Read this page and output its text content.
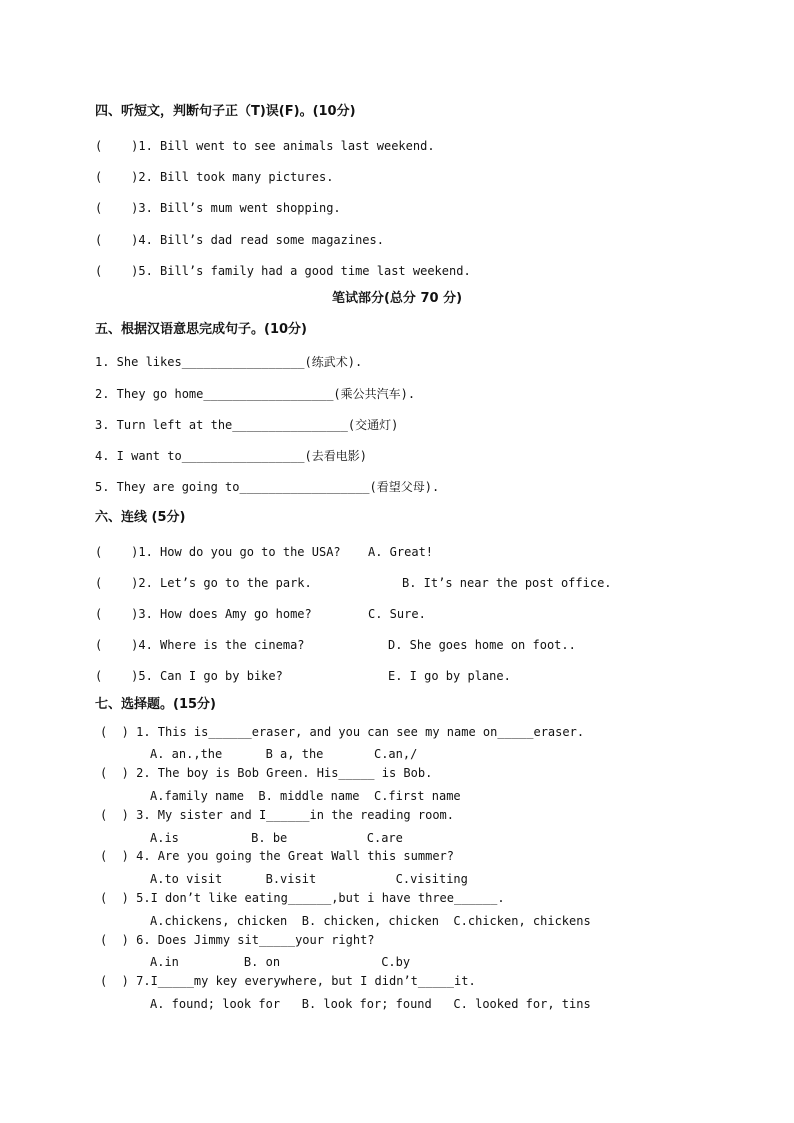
四、听短文，判断句子正（T)误(F)。(10分)
(    )1. Bill went to see animals last weekend.
(    )2. Bill took many pictures.
(    )3. Bill’s mum went shopping.
(    )4. Bill’s dad read some magazines.
(    )5. Bill’s family had a good time last weekend.
笔试部分(总分 70 分)
五、根据汉语意思完成句子。(10分)
1. She likes_________________(练武术).
2. They go home__________________(乘公共汽车).
3. Turn left at the________________(交通灯)
4. I want to_________________(去看电影)
5. They are going to__________________(看望父母).
六、连线 (5分)
(    )1. How do you go to the USA? A. Great!
(    )2. Let’s go to the park.	B. It’s near the post office.
(    )3. How does Amy go home?	C. Sure.
(    )4. Where is the cinema?	D. She goes home on foot..
(    )5. Can I go by bike?	E. I go by plane.
七、选择题。(15分)
(  ) 1. This is______eraser, and you can see my name on_____eraser.
A. an.,the      B a, the       C.an,/
(  ) 2. The boy is Bob Green. His_____ is Bob.
A.family name  B. middle name  C.first name
(  ) 3. My sister and I______in the reading room.
A.is          B. be           C.are
(  ) 4. Are you going the Great Wall this summer?
A.to visit      B.visit           C.visiting
(  ) 5.I don’t like eating______,but i have three______.
A.chickens, chicken  B. chicken, chicken  C.chicken, chickens
(  ) 6. Does Jimmy sit_____your right?
A.in         B. on              C.by
(  ) 7.I_____my key everywhere, but I didn’t_____it.
A. found; look for   B. look for; found   C. looked for, tins
